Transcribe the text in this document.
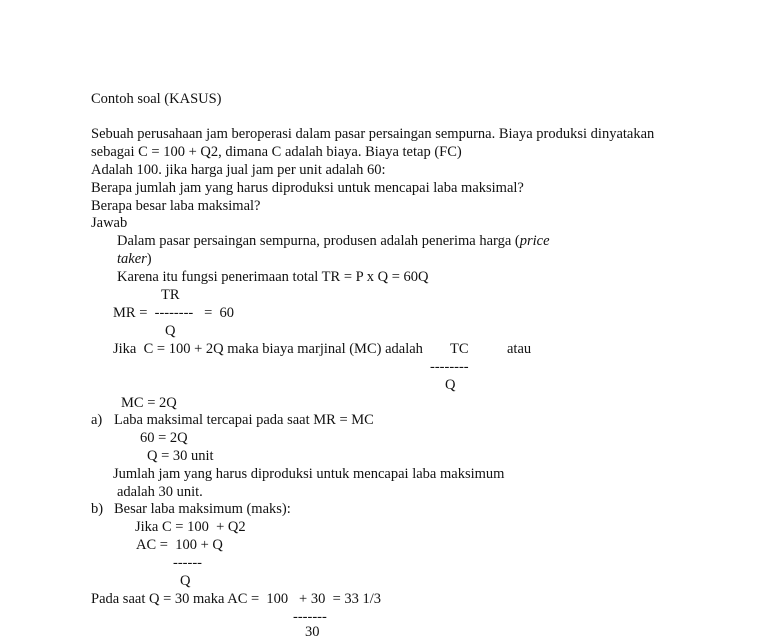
Contoh soal (KASUS)
Sebuah perusahaan jam beroperasi dalam pasar persaingan sempurna. Biaya produksi dinyatakan
sebagai C = 100 + Q2, dimana C adalah biaya. Biaya tetap (FC)
Adalah 100. jika harga jual jam per unit adalah 60:
Berapa jumlah jam yang harus diproduksi untuk mencapai laba maksimal?
Berapa besar laba maksimal?
Jawab
Dalam pasar persaingan sempurna, produsen adalah penerima harga (price
taker)
Karena itu fungsi penerimaan total TR = P x Q = 60Q
TR
MR =  --------   =  60
Q
Jika  C = 100 + 2Q maka biaya marjinal (MC) adalah TC	atau
--------
Q
MC = 2Q
a) Laba maksimal tercapai pada saat MR = MC
60 = 2Q
Q = 30 unit
Jumlah jam yang harus diproduksi untuk mencapai laba maksimum
adalah 30 unit.
b) Besar laba maksimum (maks):
Jika C = 100  + Q2
AC =  100 + Q
------
Q
Pada saat Q = 30 maka AC =  100   + 30  = 33 1/3
-------
30
